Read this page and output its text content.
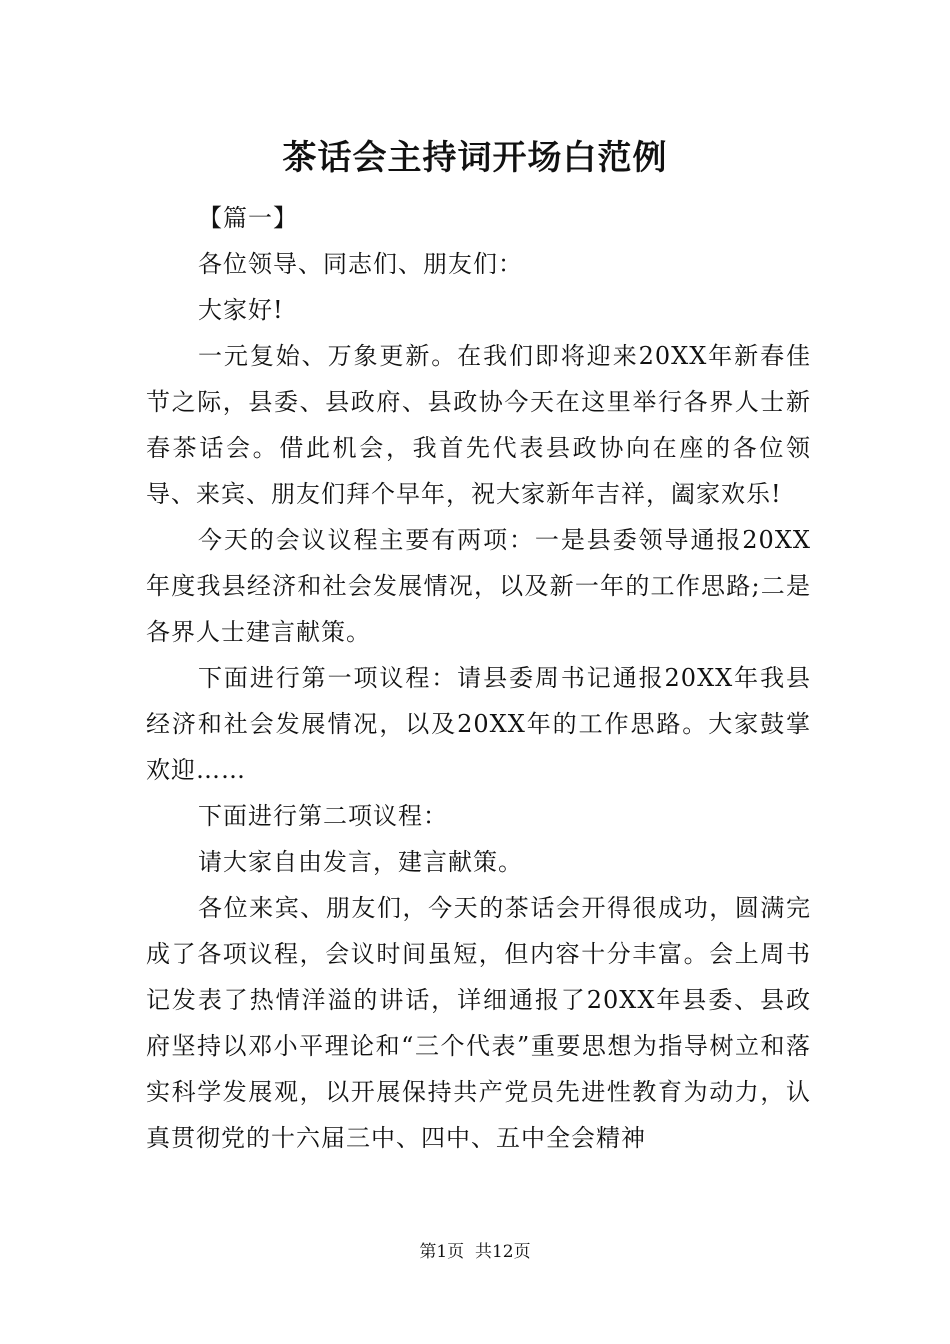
茶话会主持词开场白范例

【篇一】

各位领导、同志们、朋友们：

大家好!

一元复始、万象更新。在我们即将迎来20XX年新春佳节之际，县委、县政府、县政协今天在这里举行各界人士新春茶话会。借此机会，我首先代表县政协向在座的各位领导、来宾、朋友们拜个早年，祝大家新年吉祥，阖家欢乐!

今天的会议议程主要有两项：一是县委领导通报20XX年度我县经济和社会发展情况，以及新一年的工作思路;二是各界人士建言献策。

下面进行第一项议程：请县委周书记通报20XX年我县经济和社会发展情况，以及20XX年的工作思路。大家鼓掌欢迎……

下面进行第二项议程：

请大家自由发言，建言献策。

各位来宾、朋友们，今天的茶话会开得很成功，圆满完成了各项议程，会议时间虽短，但内容十分丰富。会上周书记发表了热情洋溢的讲话，详细通报了20XX年县委、县政府坚持以邓小平理论和“三个代表”重要思想为指导树立和落实科学发展观，以开展保持共产党员先进性教育为动力，认真贯彻党的十六届三中、四中、五中全会精神

第1页  共12页
